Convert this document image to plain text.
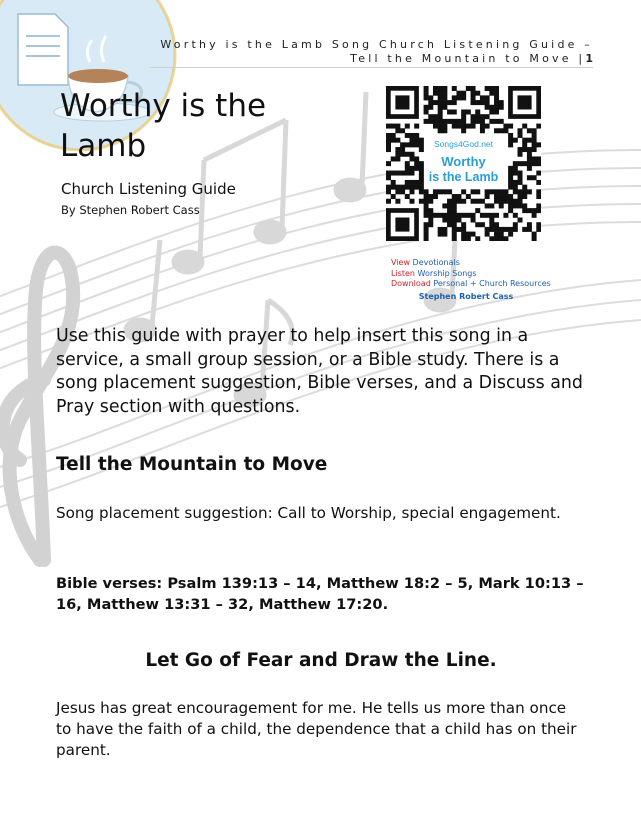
Worthy is the Lamb Song Church Listening Guide –
Tell the Mountain to Move |1
Worthy is the
Lamb
Church Listening Guide
By Stephen Robert Cass
Songs4God.net
Worthy
is the Lamb
View Devotionals
Listen Worship Songs
Download Personal + Church Resources
Stephen Robert Cass
Use this guide with prayer to help insert this song in a service, a small group session, or a Bible study. There is a song placement suggestion, Bible verses, and a Discuss and Pray section with questions.
Tell the Mountain to Move
Song placement suggestion: Call to Worship, special engagement.
Bible verses: Psalm 139:13 – 14, Matthew 18:2 – 5, Mark 10:13 – 16, Matthew 13:31 – 32, Matthew 17:20.
Let Go of Fear and Draw the Line.
Jesus has great encouragement for me. He tells us more than once to have the faith of a child, the dependence that a child has on their parent.
